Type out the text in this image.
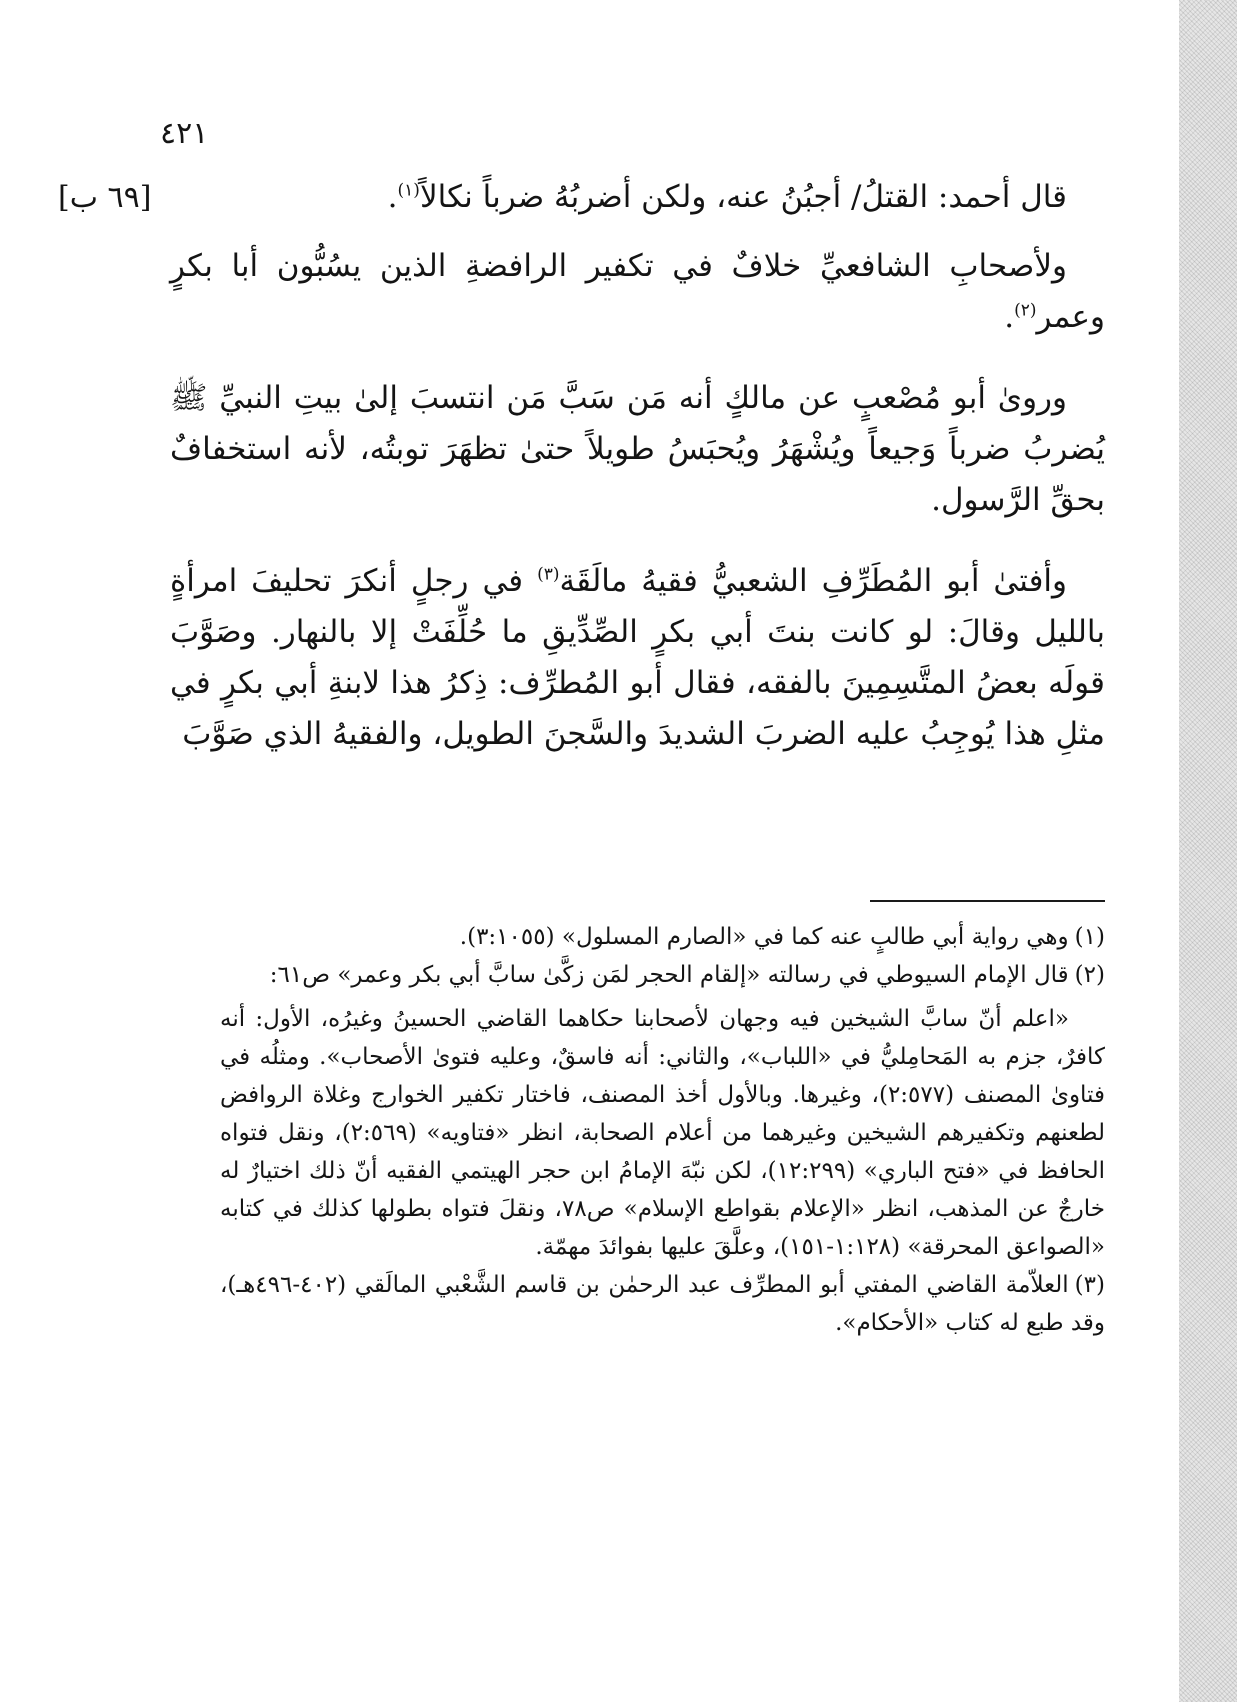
٤٢١
[٦٩ ب]	قال أحمد: القتلُ/ أجبُنُ عنه، ولكن أضربُهُ ضرباً نكالاً$^{(١)}$.

ولأصحابِ الشافعيِّ خلافٌ في تكفير الرافضةِ الذين يسُبُّون أبا بكرٍ وعمر$^{(٢)}$.

وروىٰ أبو مُصْعبٍ عن مالكٍ أنه مَن سَبَّ مَن انتسبَ إلىٰ بيتِ النبيِّ ﷺ يُضربُ ضرباً وَجيعاً ويُشْهَرُ ويُحبَسُ طويلاً حتىٰ تظهَرَ توبتُه، لأنه استخفافٌ بحقِّ الرَّسول.

وأفتىٰ أبو المُطَرِّفِ الشعبيُّ فقيهُ مالَقَة$^{(٣)}$ في رجلٍ أنكرَ تحليفَ امرأةٍ بالليل وقالَ: لو كانت بنتَ أبي بكرٍ الصِّدِّيقِ ما حُلِّفَتْ إلا بالنهار. وصَوَّبَ قولَه بعضُ المتَّسِمِينَ بالفقه، فقال أبو المُطرِّف: ذِكرُ هذا لابنةِ أبي بكرٍ في مثلِ هذا يُوجِبُ عليه الضربَ الشديدَ والسَّجنَ الطويل، والفقيهُ الذي صَوَّبَ

(١)وهي رواية أبي طالبٍ عنه كما في «الصارم المسلول» (٣:١٠٥٥).

(٢)قال الإمام السيوطي في رسالته «إلقام الحجر لمَن زكَّىٰ سابَّ أبي بكر وعمر» ص٦١:

«اعلم أنّ سابَّ الشيخين فيه وجهان لأصحابنا حكاهما القاضي الحسينُ وغيرُه، الأول: أنه كافرٌ، جزم به المَحامِليُّ في «اللباب»، والثاني: أنه فاسقٌ، وعليه فتوىٰ الأصحاب». ومثلُه في فتاوىٰ المصنف (٢:٥٧٧)، وغيرها. وبالأول أخذ المصنف، فاختار تكفير الخوارج وغلاة الروافض لطعنهم وتكفيرهم الشيخين وغيرهما من أعلام الصحابة، انظر «فتاويه» (٢:٥٦٩)، ونقل فتواه الحافظ في «فتح الباري» (١٢:٢٩٩)، لكن نبّهَ الإمامُ ابن حجر الهيتمي الفقيه أنّ ذلك اختيارٌ له خارجٌ عن المذهب، انظر «الإعلام بقواطع الإسلام» ص٧٨، ونقلَ فتواه بطولها كذلك في كتابه «الصواعق المحرقة» (١:١٢٨-١٥١)، وعلَّقَ عليها بفوائدَ مهمّة.

(٣)العلاّمة القاضي المفتي أبو المطرِّف عبد الرحمٰن بن قاسم الشَّعْبي المالَقي (٤٠٢-٤٩٦هـ)، وقد طبع له كتاب «الأحكام».
